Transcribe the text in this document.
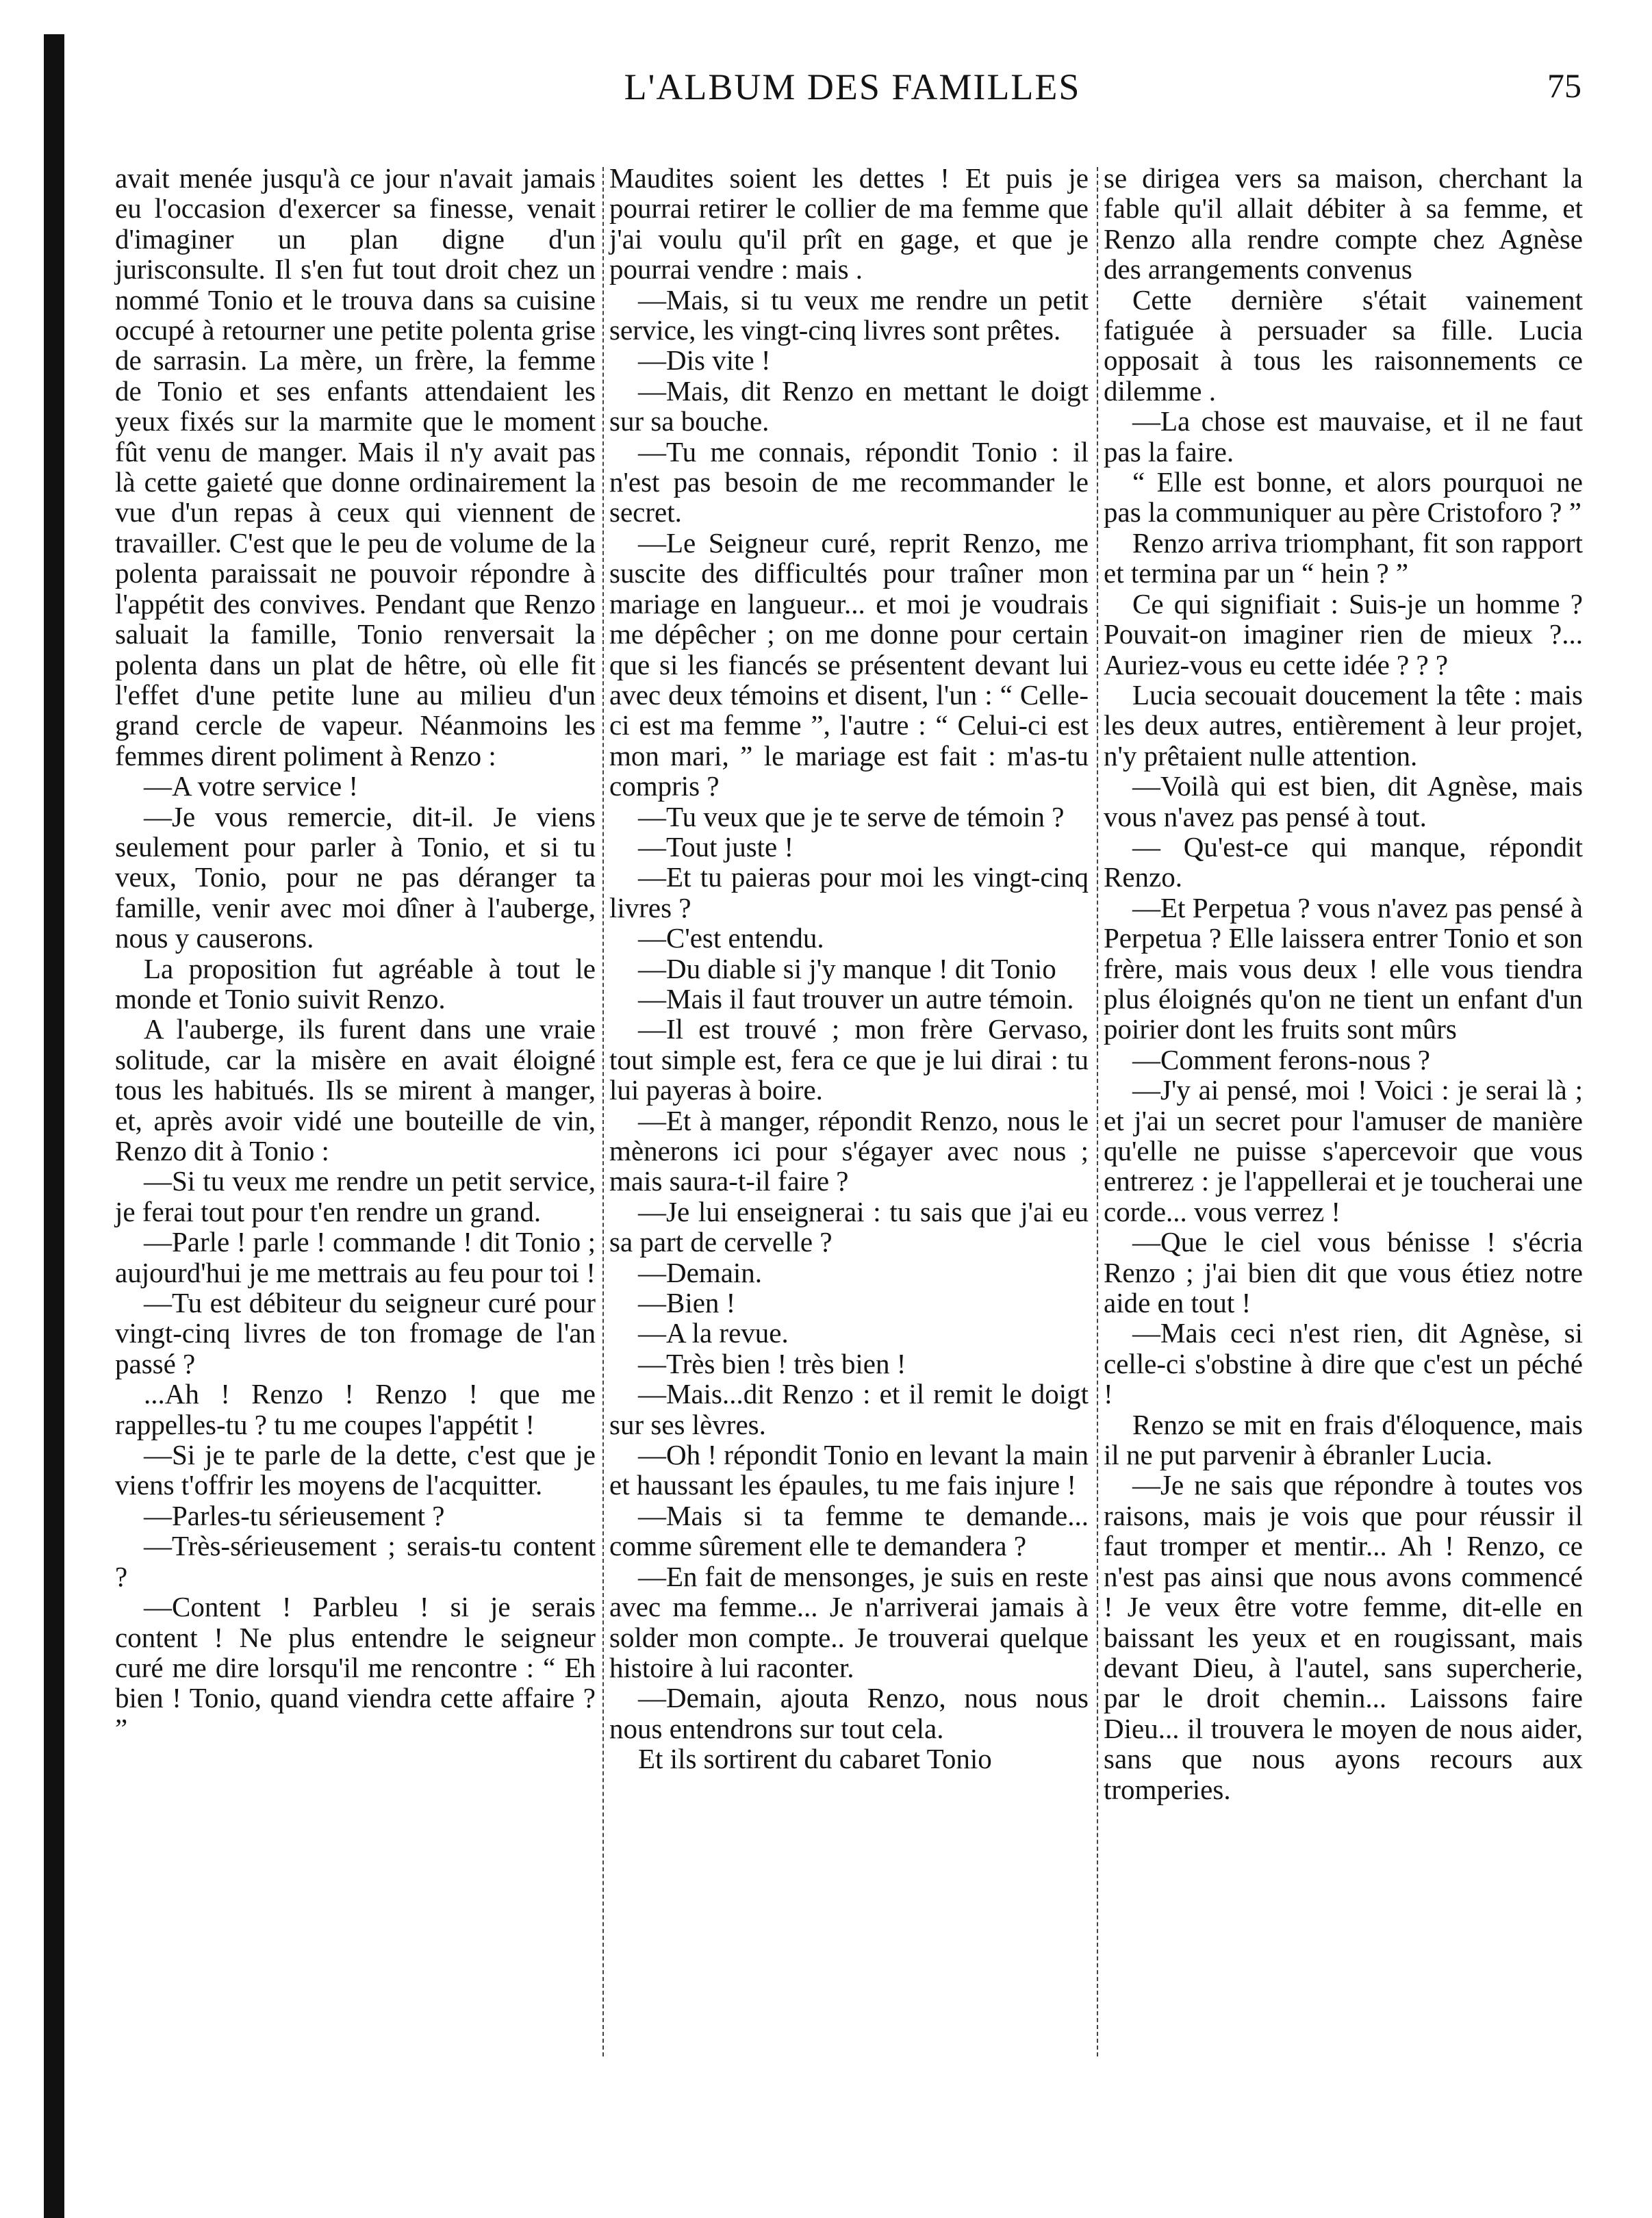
L'ALBUM DES FAMILLES	75

avait menée jusqu'à ce jour n'avait jamais eu l'occasion d'exercer sa finesse, venait d'imaginer un plan digne d'un jurisconsulte. Il s'en fut tout droit chez un nommé Tonio et le trouva dans sa cuisine occupé à retourner une petite polenta grise de sarrasin. La mère, un frère, la femme de Tonio et ses enfants attendaient les yeux fixés sur la marmite que le moment fût venu de manger. Mais il n'y avait pas là cette gaieté que donne ordinairement la vue d'un repas à ceux qui viennent de travailler. C'est que le peu de volume de la polenta paraissait ne pouvoir répondre à l'appétit des convives. Pendant que Renzo saluait la famille, Tonio renversait la polenta dans un plat de hêtre, où elle fit l'effet d'une petite lune au milieu d'un grand cercle de vapeur. Néanmoins les femmes dirent poliment à Renzo :

—A votre service !

—Je vous remercie, dit-il. Je viens seulement pour parler à Tonio, et si tu veux, Tonio, pour ne pas déranger ta famille, venir avec moi dîner à l'auberge, nous y causerons.

La proposition fut agréable à tout le monde et Tonio suivit Renzo.

A l'auberge, ils furent dans une vraie solitude, car la misère en avait éloigné tous les habitués. Ils se mirent à manger, et, après avoir vidé une bouteille de vin, Renzo dit à Tonio :

—Si tu veux me rendre un petit service, je ferai tout pour t'en rendre un grand.

—Parle ! parle ! commande ! dit Tonio ; aujourd'hui je me mettrais au feu pour toi !

—Tu est débiteur du seigneur curé pour vingt-cinq livres de ton fromage de l'an passé ?

...Ah ! Renzo ! Renzo ! que me rappelles-tu ? tu me coupes l'appétit !

—Si je te parle de la dette, c'est que je viens t'offrir les moyens de l'acquitter.

—Parles-tu sérieusement ?

—Très-sérieusement ; serais-tu content ?

—Content ! Parbleu ! si je serais content ! Ne plus entendre le seigneur curé me dire lorsqu'il me rencontre : “ Eh bien ! Tonio, quand viendra cette affaire ? ”

Maudites soient les dettes ! Et puis je pourrai retirer le collier de ma femme que j'ai voulu qu'il prît en gage, et que je pourrai vendre : mais .

—Mais, si tu veux me rendre un petit service, les vingt-cinq livres sont prêtes.

—Dis vite !

—Mais, dit Renzo en mettant le doigt sur sa bouche.

—Tu me connais, répondit Tonio : il n'est pas besoin de me recommander le secret.

—Le Seigneur curé, reprit Renzo, me suscite des difficultés pour traîner mon mariage en langueur... et moi je voudrais me dépêcher ; on me donne pour certain que si les fiancés se présentent devant lui avec deux témoins et disent, l'un : “ Celle-ci est ma femme ”, l'autre : “ Celui-ci est mon mari, ” le mariage est fait : m'as-tu compris ?

—Tu veux que je te serve de témoin ?

—Tout juste !

—Et tu paieras pour moi les vingt-cinq livres ?

—C'est entendu.

—Du diable si j'y manque ! dit Tonio

—Mais il faut trouver un autre témoin.

—Il est trouvé ; mon frère Gervaso, tout simple est, fera ce que je lui dirai : tu lui payeras à boire.

—Et à manger, répondit Renzo, nous le mènerons ici pour s'égayer avec nous ; mais saura-t-il faire ?

—Je lui enseignerai : tu sais que j'ai eu sa part de cervelle ?

—Demain.

—Bien !

—A la revue.

—Très bien ! très bien !

—Mais...dit Renzo : et il remit le doigt sur ses lèvres.

—Oh ! répondit Tonio en levant la main et haussant les épaules, tu me fais injure !

—Mais si ta femme te demande... comme sûrement elle te demandera ?

—En fait de mensonges, je suis en reste avec ma femme... Je n'arriverai jamais à solder mon compte.. Je trouverai quelque histoire à lui raconter.

—Demain, ajouta Renzo, nous nous nous entendrons sur tout cela.

Et ils sortirent du cabaret Tonio

se dirigea vers sa maison, cherchant la fable qu'il allait débiter à sa femme, et Renzo alla rendre compte chez Agnèse des arrangements convenus

Cette dernière s'était vainement fatiguée à persuader sa fille. Lucia opposait à tous les raisonnements ce dilemme .

—La chose est mauvaise, et il ne faut pas la faire.

“ Elle est bonne, et alors pourquoi ne pas la communiquer au père Cristoforo ? ”

Renzo arriva triomphant, fit son rapport et termina par un “ hein ? ”

Ce qui signifiait : Suis-je un homme ? Pouvait-on imaginer rien de mieux ?... Auriez-vous eu cette idée ? ? ?

Lucia secouait doucement la tête : mais les deux autres, entièrement à leur projet, n'y prêtaient nulle attention.

—Voilà qui est bien, dit Agnèse, mais vous n'avez pas pensé à tout.

— Qu'est-ce qui manque, répondit Renzo.

—Et Perpetua ? vous n'avez pas pensé à Perpetua ? Elle laissera entrer Tonio et son frère, mais vous deux ! elle vous tiendra plus éloignés qu'on ne tient un enfant d'un poirier dont les fruits sont mûrs

—Comment ferons-nous ?

—J'y ai pensé, moi ! Voici : je serai là ; et j'ai un secret pour l'amuser de manière qu'elle ne puisse s'apercevoir que vous entrerez : je l'appellerai et je toucherai une corde... vous verrez !

—Que le ciel vous bénisse ! s'écria Renzo ; j'ai bien dit que vous étiez notre aide en tout !

—Mais ceci n'est rien, dit Agnèse, si celle-ci s'obstine à dire que c'est un péché !

Renzo se mit en frais d'éloquence, mais il ne put parvenir à ébranler Lucia.

—Je ne sais que répondre à toutes vos raisons, mais je vois que pour réussir il faut tromper et mentir... Ah ! Renzo, ce n'est pas ainsi que nous avons commencé ! Je veux être votre femme, dit-elle en baissant les yeux et en rougissant, mais devant Dieu, à l'autel, sans supercherie, par le droit chemin... Laissons faire Dieu... il trouvera le moyen de nous aider, sans que nous ayons recours aux tromperies.
